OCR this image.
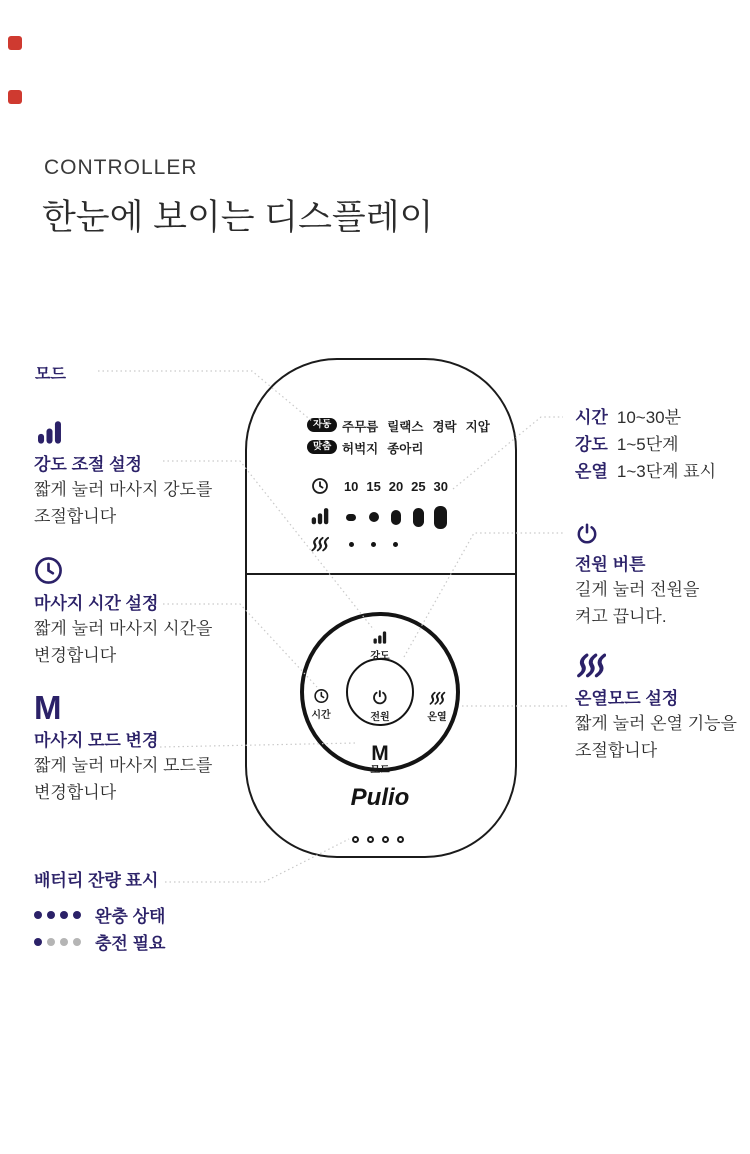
CONTROLLER
한눈에 보이는 디스플레이
자동 주무름 릴랙스 경락 지압
맞춤 허벅지 종아리
10 15 20 25 30
강도
시간	전원	온열
M
모드
Pulio
모드
강도 조절 설정

짧게 눌러 마사지 강도를

조절합니다

마사지 시간 설정

짧게 눌러 마사지 시간을

변경합니다

M
마사지 모드 변경

짧게 눌러 마사지 모드를

변경합니다

배터리 잔량 표시
완충 상태
충전 필요
시간 10~30분
강도 1~5단계
온열 1~3단계 표시
전원 버튼

길게 눌러 전원을

켜고 끕니다.

온열모드 설정

짧게 눌러 온열 기능을

조절합니다
